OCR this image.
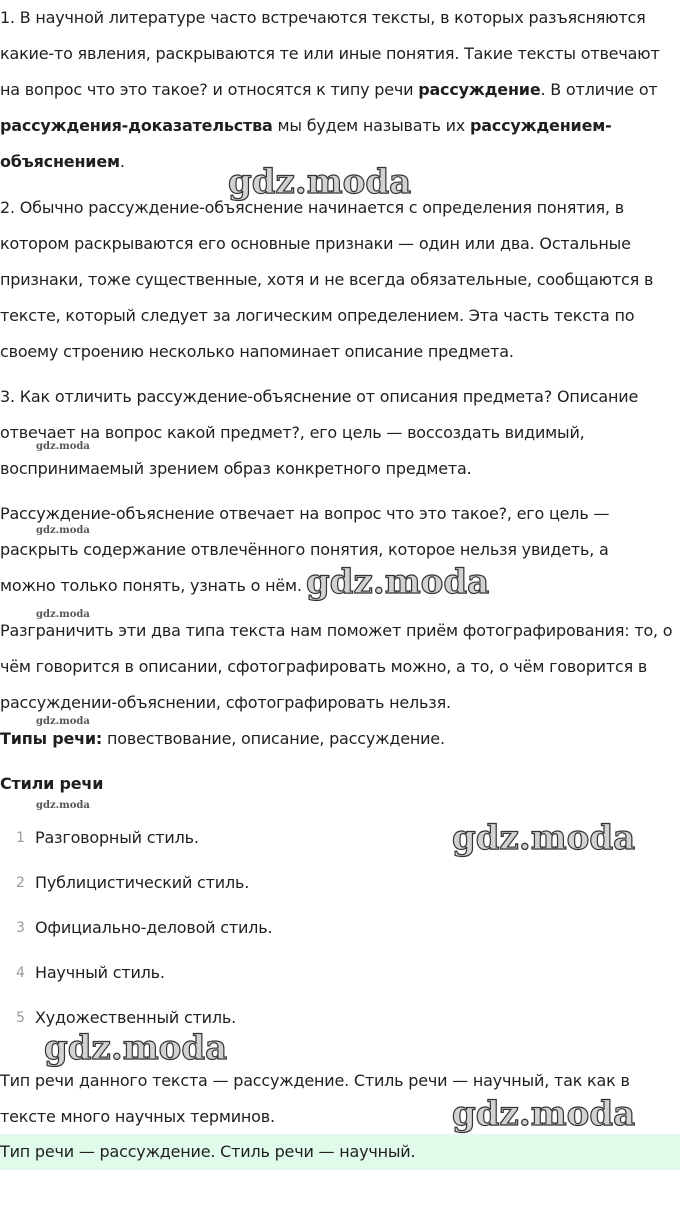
1. В научной литературе часто встречаются тексты, в которых разъясняются
какие-то явления, раскрываются те или иные понятия. Такие тексты отвечают
на вопрос что это такое? и относятся к типу речи рассуждение. В отличие от
рассуждения-доказательства мы будем называть их рассуждением-
объяснением.
2. Обычно рассуждение-объяснение начинается с определения понятия, в
котором раскрываются его основные признаки — один или два. Остальные
признаки, тоже существенные, хотя и не всегда обязательные, сообщаются в
тексте, который следует за логическим определением. Эта часть текста по
своему строению несколько напоминает описание предмета.
3. Как отличить рассуждение-объяснение от описания предмета? Описание
отвечает на вопрос какой предмет?, его цель — воссоздать видимый,
воспринимаемый зрением образ конкретного предмета.
Рассуждение-объяснение отвечает на вопрос что это такое?, его цель —
раскрыть содержание отвлечённого понятия, которое нельзя увидеть, а
можно только понять, узнать о нём.
Разграничить эти два типа текста нам поможет приём фотографирования: то, о
чём говорится в описании, сфотографировать можно, а то, о чём говорится в
рассуждении-объяснении, сфотографировать нельзя.
Типы речи: повествование, описание, рассуждение.
Стили речи
1 Разговорный стиль.
2 Публицистический стиль.
3 Официально-деловой стиль.
4 Научный стиль.
5 Художественный стиль.
Тип речи данного текста — рассуждение. Стиль речи — научный, так как в
тексте много научных терминов.
Тип речи — рассуждение. Стиль речи — научный.
gdz.moda
gdz.moda
gdz.moda
gdz.moda
gdz.moda
gdz.moda
gdz.moda
gdz.moda
gdz.moda
gdz.moda
